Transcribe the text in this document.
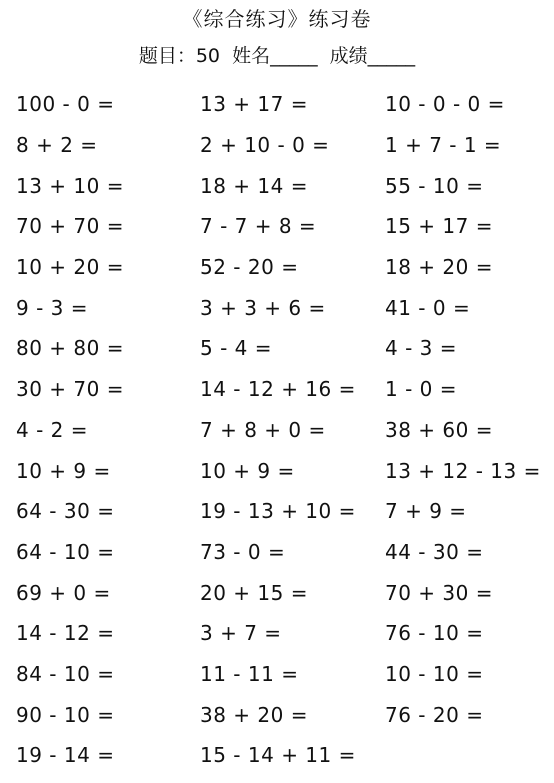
《综合练习》练习卷
题目：50  姓名_____  成绩_____
100 - 0 =	13 + 17 =	10 - 0 - 0 =
8 + 2 =	2 + 10 - 0 =	1 + 7 - 1 =
13 + 10 =	18 + 14 =	55 - 10 =
70 + 70 =	7 - 7 + 8 =	15 + 17 =
10 + 20 =	52 - 20 =	18 + 20 =
9 - 3 =	3 + 3 + 6 =	41 - 0 =
80 + 80 =	5 - 4 =	4 - 3 =
30 + 70 =	14 - 12 + 16 =	1 - 0 =
4 - 2 =	7 + 8 + 0 =	38 + 60 =
10 + 9 =	10 + 9 =	13 + 12 - 13 =
64 - 30 =	19 - 13 + 10 =	7 + 9 =
64 - 10 =	73 - 0 =	44 - 30 =
69 + 0 =	20 + 15 =	70 + 30 =
14 - 12 =	3 + 7 =	76 - 10 =
84 - 10 =	11 - 11 =	10 - 10 =
90 - 10 =	38 + 20 =	76 - 20 =
19 - 14 =	15 - 14 + 11 =
